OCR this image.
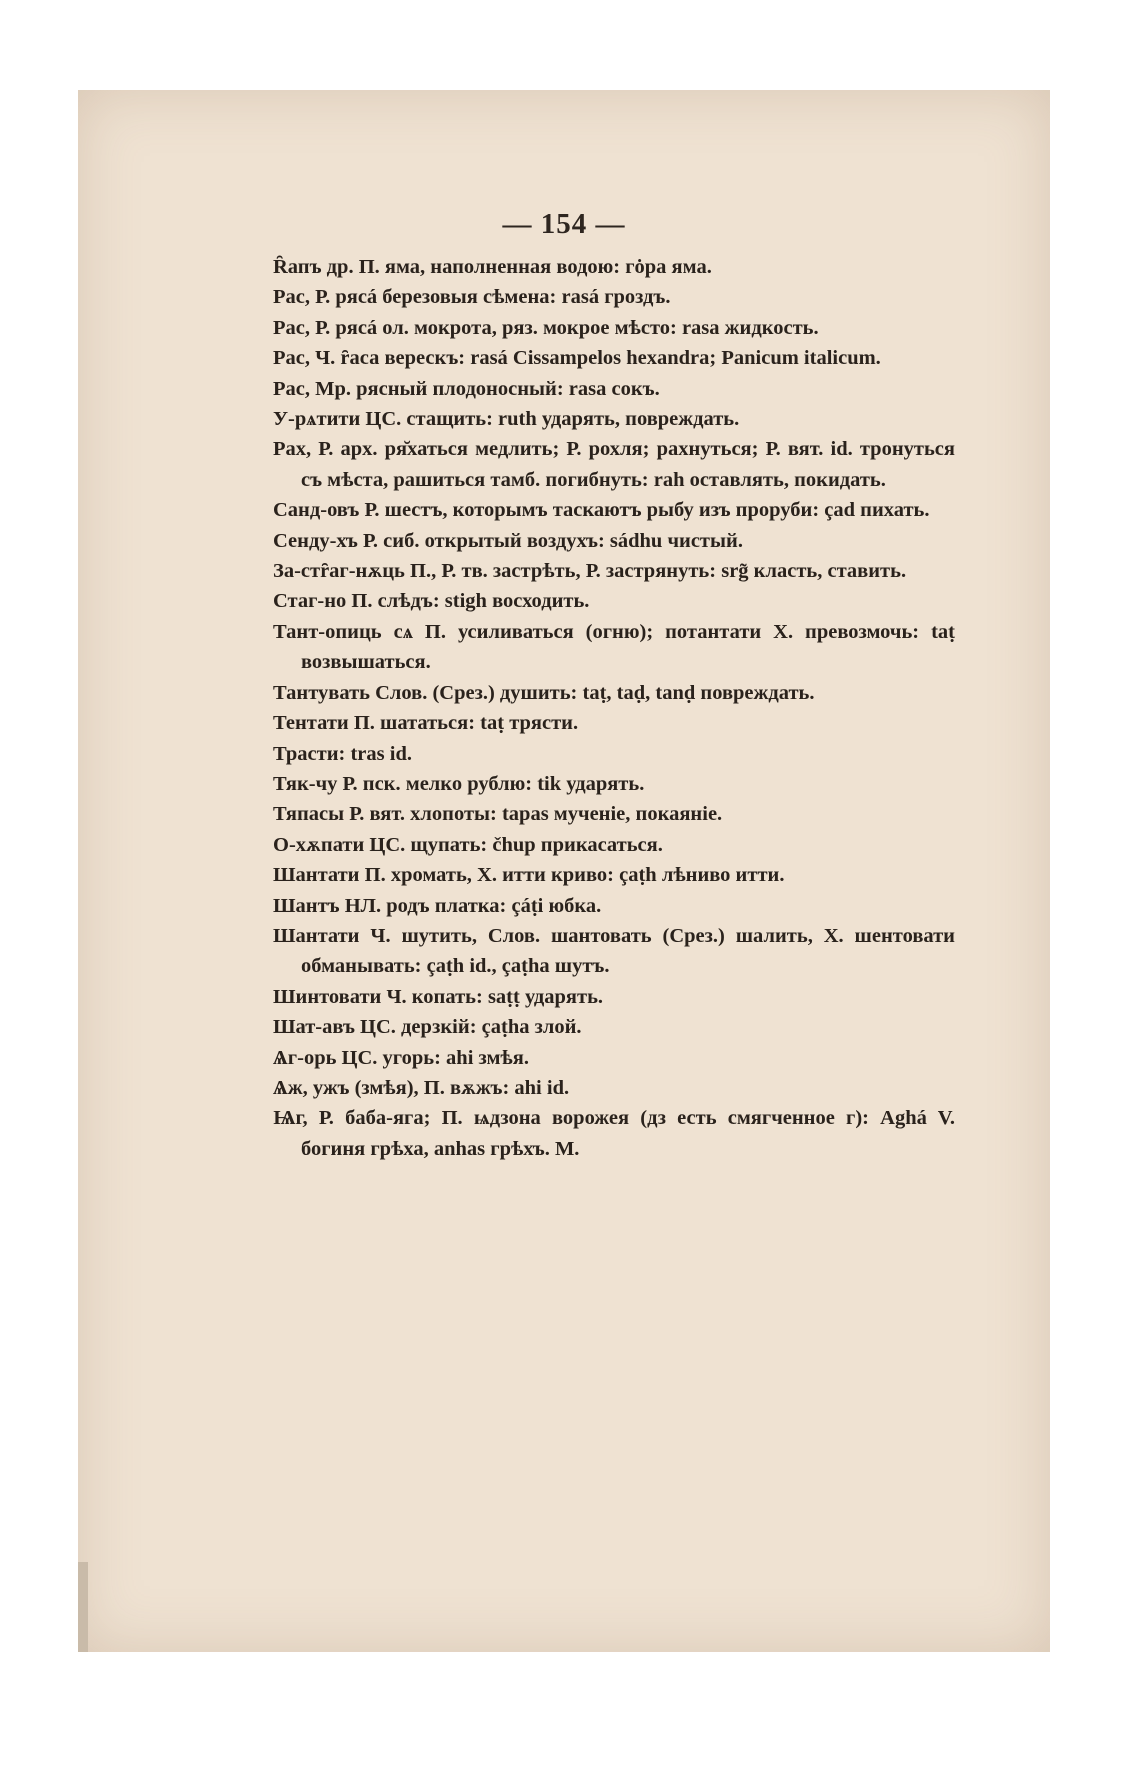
— 154 —
Ȓапъ др. П. яма, наполненная водою: гȯра яма.
Рас, Р. рясá березовыя сѣмена: rasá гроздъ.
Рас, Р. рясá ол. мокрота, ряз. мокрое мѣсто: rasa жидкость.
Рас, Ч. ȓаса верескъ: rasá Cissampelos hexandra; Panicum italicum.
Рас, Мр. рясный плодоносный: rasa сокъ.
У-рѧтити ЦС. стащить: ruth ударять, повреждать.
Рах, Р. арх. ря̆хаться медлить; Р. рохля; рахнуться; Р. вят. id. тронуться съ мѣста, рашиться тамб. погибнуть: rah оставлять, покидать.
Санд-овъ Р. шестъ, которымъ таскаютъ рыбу изъ проруби: çad пихать.
Сенду-хъ Р. сиб. открытый воздухъ: sádhu чистый.
За-стȓаг-нѫць П., Р. тв. застрѣть, Р. застрянуть: srg̃ класть, ставить.
Стаг-но П. слѣдъ: stigh восходить.
Тант-опиць сѧ П. усиливаться (огню); потантати Х. превозмочь: taṭ возвышаться.
Тантувать Слов. (Срез.) душить: taṭ, taḍ, tanḍ повреждать.
Тентати П. шататься: taṭ трясти.
Трасти: tras id.
Тяк-чу Р. пск. мелко рублю: tik ударять.
Тяпасы Р. вят. хлопоты: tapas мученіе, покаяніе.
О-хѫпати ЦС. щупать: čhup прикасаться.
Шантати П. хромать, Х. итти криво: çaṭh лѣниво итти.
Шантъ НЛ. родъ платка: çáṭi юбка.
Шантати Ч. шутить, Слов. шантовать (Срез.) шалить, Х. шентовати обманывать: çaṭh id., çaṭha шутъ.
Шинтовати Ч. копать: saṭṭ ударять.
Шат-авъ ЦС. дерзкій: çaṭha злой.
Ѧг-орь ЦС. угорь: ahi змѣя.
Ѧж, ужъ (змѣя), П. вѫжъ: ahi id.
Ѩг, Р. баба-яга; П. ѩдзона ворожея (дз есть смягченное г): Aghá V. богиня грѣха, anhas грѣхъ. М.
